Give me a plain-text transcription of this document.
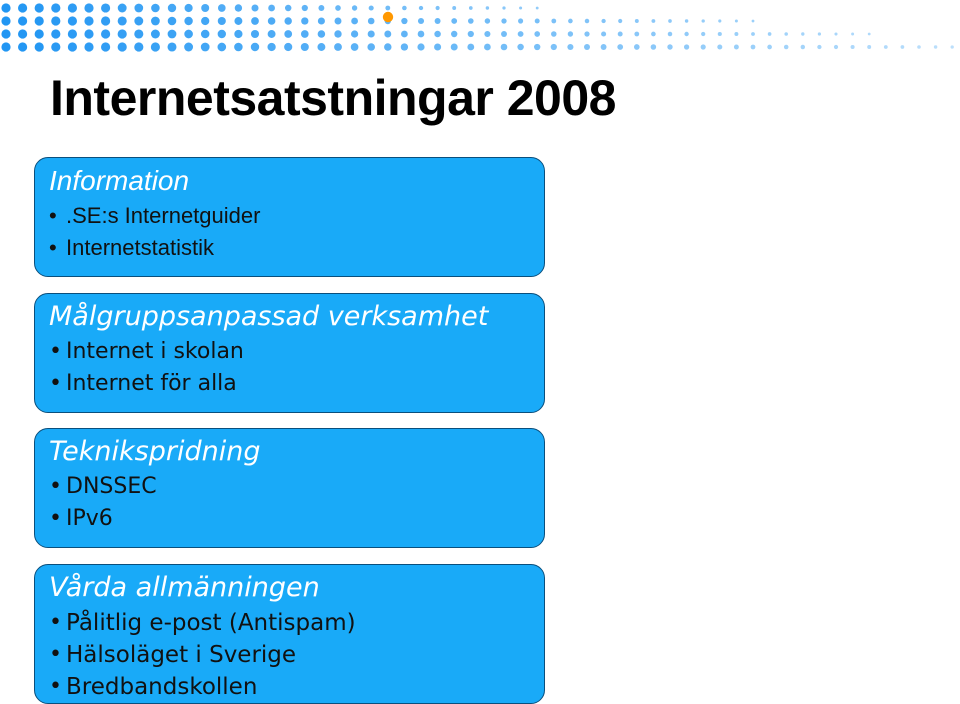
Internetsatstningar 2008
Information
• .SE:s Internetguider
• Internetstatistik
Målgruppsanpassad verksamhet
• Internet i skolan
• Internet för alla
Teknikspridning
• DNSSEC
• IPv6
Vårda allmänningen
• Pålitlig e-post (Antispam)
• Hälsoläget i Sverige
• Bredbandskollen
